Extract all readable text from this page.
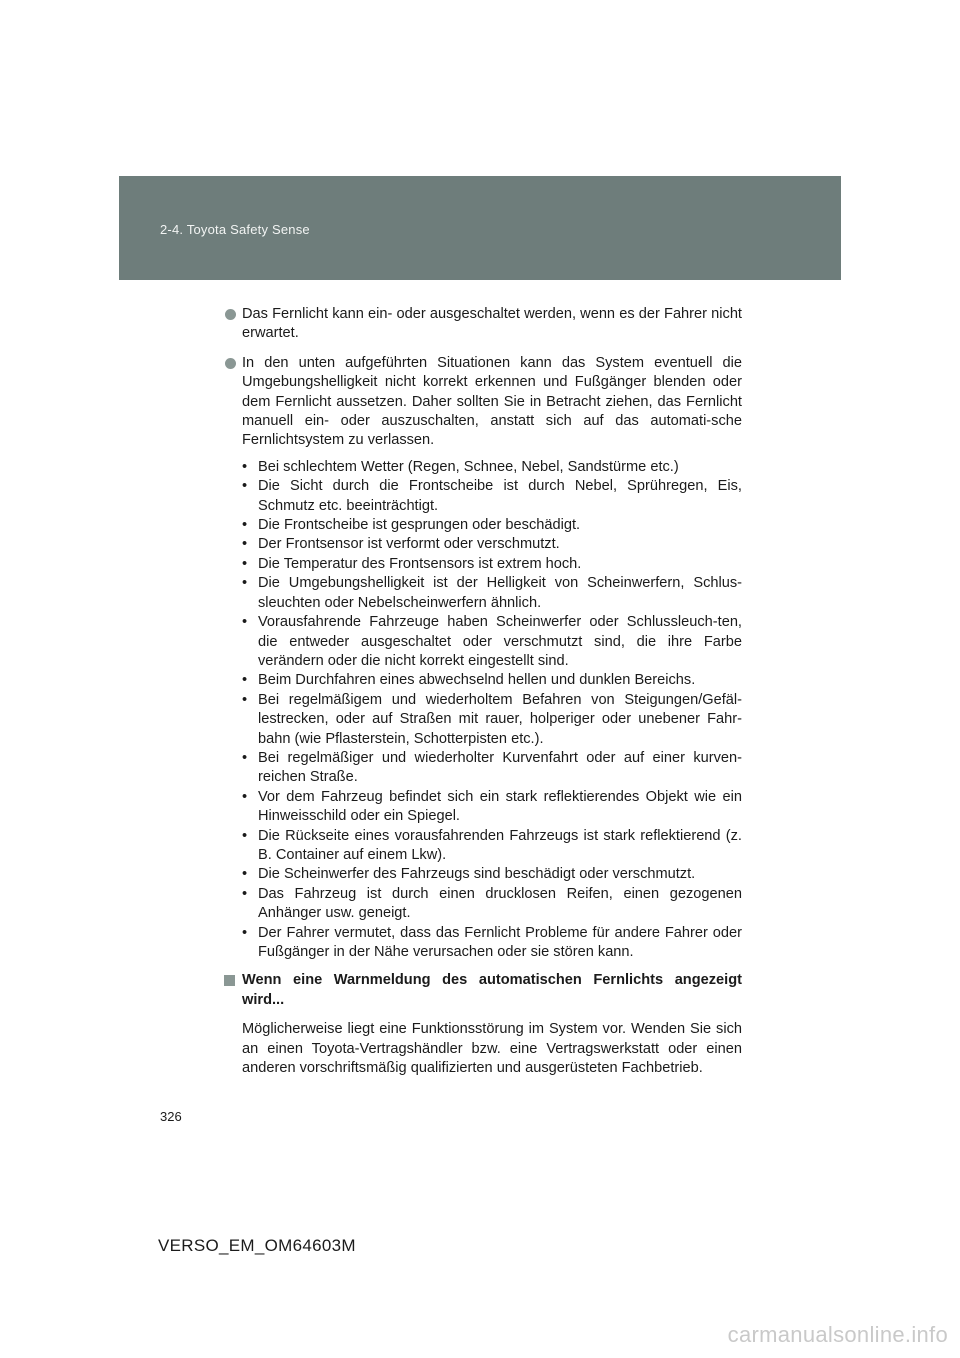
2-4. Toyota Safety Sense

Das Fernlicht kann ein- oder ausgeschaltet werden, wenn es der Fahrer nicht erwartet.

In den unten aufgeführten Situationen kann das System eventuell die Umgebungshelligkeit nicht korrekt erkennen und Fußgänger blenden oder dem Fernlicht aussetzen. Daher sollten Sie in Betracht ziehen, das Fernlicht manuell ein- oder auszuschalten, anstatt sich auf das automati-sche Fernlichtsystem zu verlassen.

• Bei schlechtem Wetter (Regen, Schnee, Nebel, Sandstürme etc.)
• Die Sicht durch die Frontscheibe ist durch Nebel, Sprühregen, Eis, Schmutz etc. beeinträchtigt.
• Die Frontscheibe ist gesprungen oder beschädigt.
• Der Frontsensor ist verformt oder verschmutzt.
• Die Temperatur des Frontsensors ist extrem hoch.
• Die Umgebungshelligkeit ist der Helligkeit von Scheinwerfern, Schlus-sleuchten oder Nebelscheinwerfern ähnlich.
• Vorausfahrende Fahrzeuge haben Scheinwerfer oder Schlussleuch-ten, die entweder ausgeschaltet oder verschmutzt sind, die ihre Farbe verändern oder die nicht korrekt eingestellt sind.
• Beim Durchfahren eines abwechselnd hellen und dunklen Bereichs.
• Bei regelmäßigem und wiederholtem Befahren von Steigungen/Gefäl-lestrecken, oder auf Straßen mit rauer, holperiger oder unebener Fahr-bahn (wie Pflasterstein, Schotterpisten etc.).
• Bei regelmäßiger und wiederholter Kurvenfahrt oder auf einer kurven-reichen Straße.
• Vor dem Fahrzeug befindet sich ein stark reflektierendes Objekt wie ein Hinweisschild oder ein Spiegel.
• Die Rückseite eines vorausfahrenden Fahrzeugs ist stark reflektierend (z. B. Container auf einem Lkw).
• Die Scheinwerfer des Fahrzeugs sind beschädigt oder verschmutzt.
• Das Fahrzeug ist durch einen drucklosen Reifen, einen gezogenen Anhänger usw. geneigt.
• Der Fahrer vermutet, dass das Fernlicht Probleme für andere Fahrer oder Fußgänger in der Nähe verursachen oder sie stören kann.

Wenn eine Warnmeldung des automatischen Fernlichts angezeigt wird...

Möglicherweise liegt eine Funktionsstörung im System vor. Wenden Sie sich an einen Toyota-Vertragshändler bzw. eine Vertragswerkstatt oder einen anderen vorschriftsmäßig qualifizierten und ausgerüsteten Fachbetrieb.

326
VERSO_EM_OM64603M
carmanualsonline.info
